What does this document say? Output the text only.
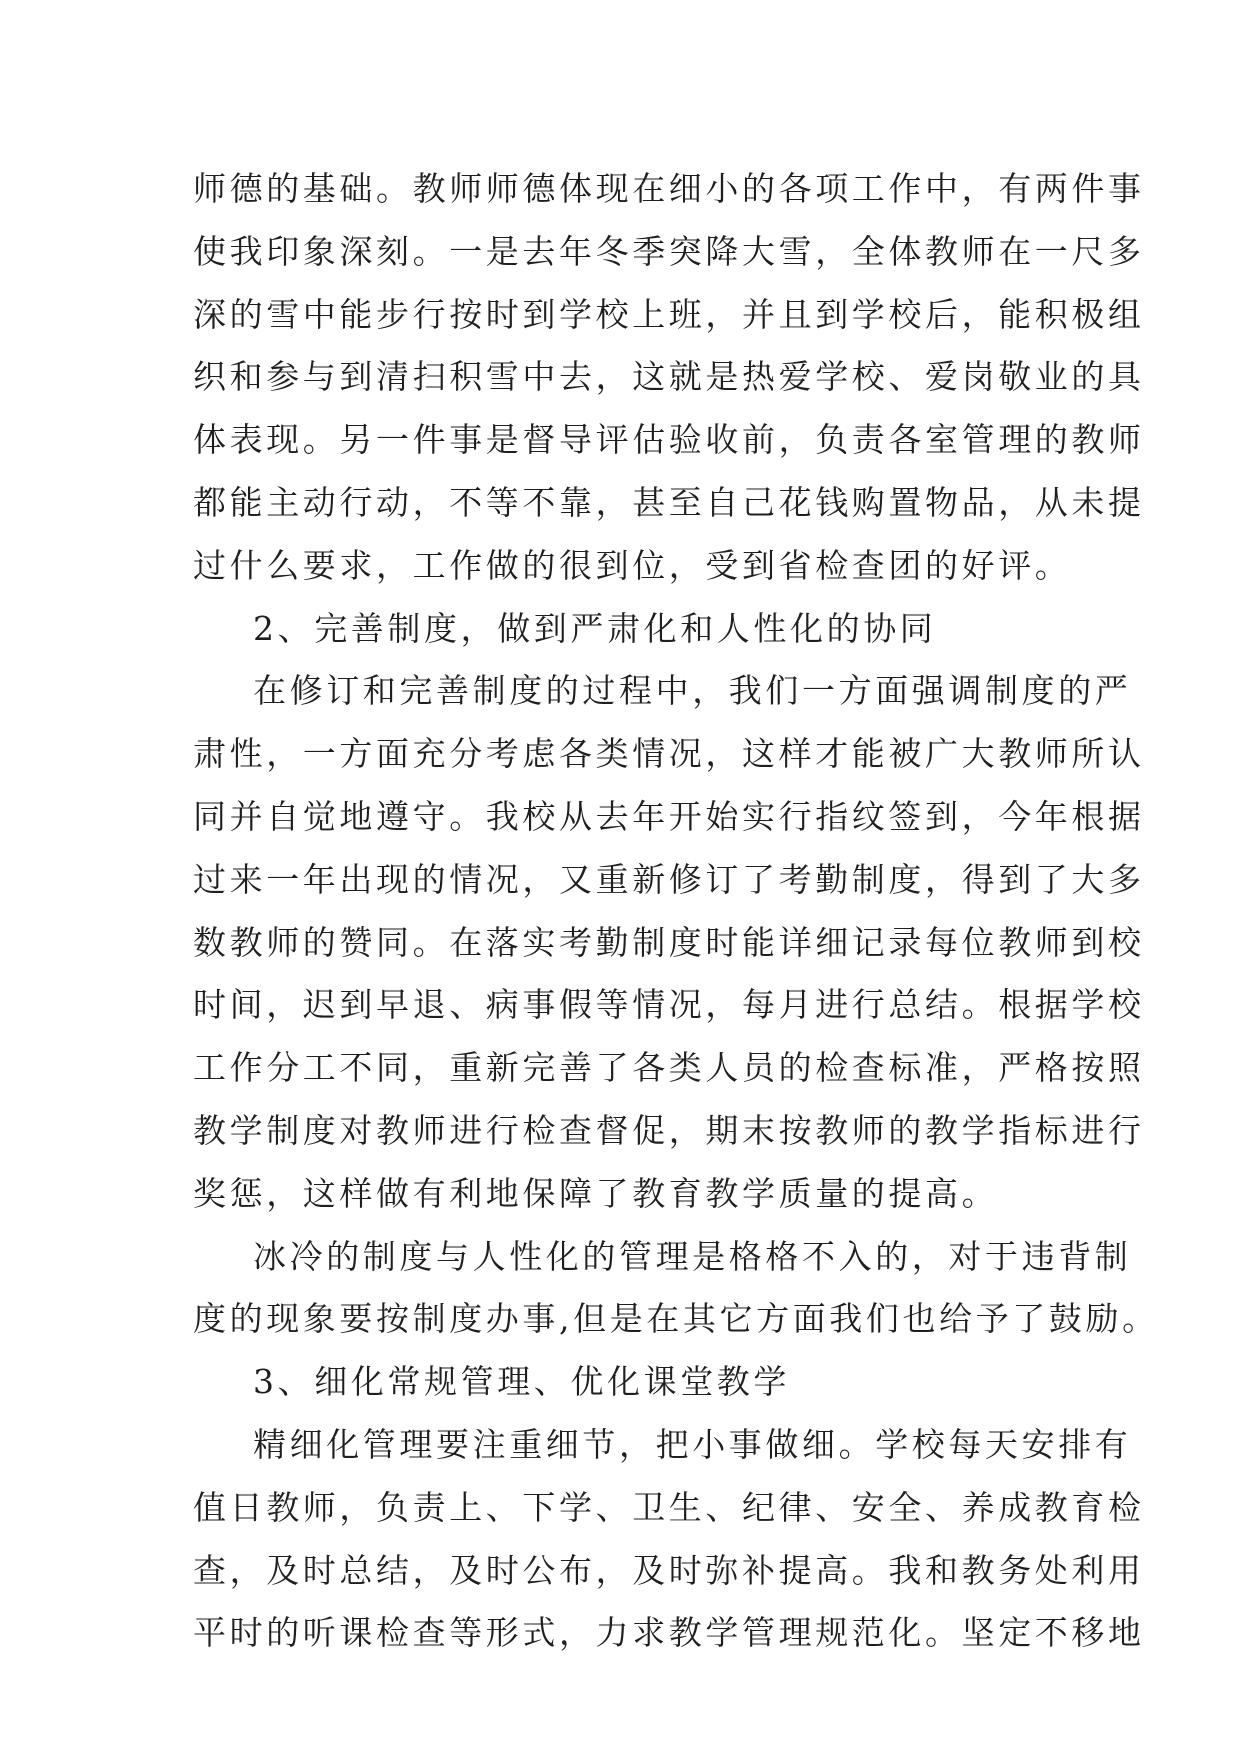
师德的基础。教师师德体现在细小的各项工作中，有两件事
使我印象深刻。一是去年冬季突降大雪，全体教师在一尺多
深的雪中能步行按时到学校上班，并且到学校后，能积极组
织和参与到清扫积雪中去，这就是热爱学校、爱岗敬业的具
体表现。另一件事是督导评估验收前，负责各室管理的教师
都能主动行动，不等不靠，甚至自己花钱购置物品，从未提
过什么要求，工作做的很到位，受到省检查团的好评。
2、完善制度，做到严肃化和人性化的协同
在修订和完善制度的过程中，我们一方面强调制度的严
肃性，一方面充分考虑各类情况，这样才能被广大教师所认
同并自觉地遵守。我校从去年开始实行指纹签到，今年根据
过来一年出现的情况，又重新修订了考勤制度，得到了大多
数教师的赞同。在落实考勤制度时能详细记录每位教师到校
时间，迟到早退、病事假等情况，每月进行总结。根据学校
工作分工不同，重新完善了各类人员的检查标准，严格按照
教学制度对教师进行检查督促，期末按教师的教学指标进行
奖惩，这样做有利地保障了教育教学质量的提高。
冰冷的制度与人性化的管理是格格不入的，对于违背制
度的现象要按制度办事,但是在其它方面我们也给予了鼓励。
3、细化常规管理、优化课堂教学
精细化管理要注重细节，把小事做细。学校每天安排有
值日教师，负责上、下学、卫生、纪律、安全、养成教育检
查，及时总结，及时公布，及时弥补提高。我和教务处利用
平时的听课检查等形式，力求教学管理规范化。坚定不移地
